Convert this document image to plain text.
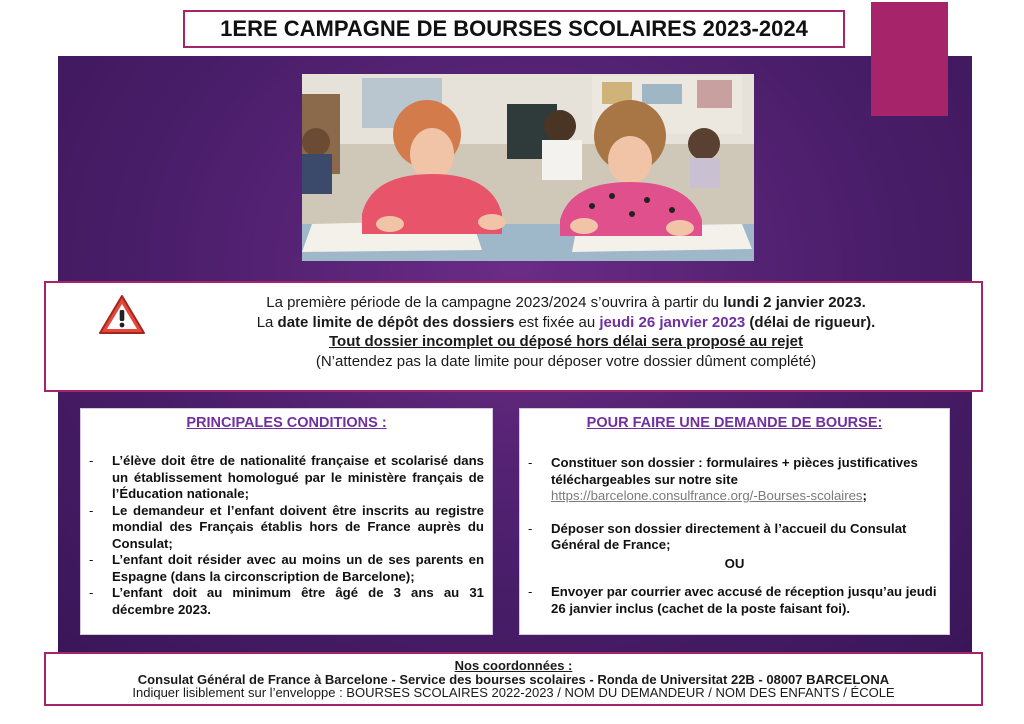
1ERE CAMPAGNE DE BOURSES SCOLAIRES 2023-2024
La première période de la campagne 2023/2024 s’ouvrira à partir du lundi 2 janvier 2023.
La date limite de dépôt des dossiers est fixée au jeudi 26 janvier 2023 (délai de rigueur).
Tout dossier incomplet ou déposé hors délai sera proposé au rejet
(N’attendez pas la date limite pour déposer votre dossier dûment complété)
PRINCIPALES CONDITIONS :
- L’élève doit être de nationalité française et scolarisé dans un établissement homologué par le ministère français de l’Éducation nationale;
- Le demandeur et l’enfant doivent être inscrits au registre mondial des Français établis hors de France auprès du Consulat;
- L’enfant doit résider avec au moins un de ses parents en Espagne (dans la circonscription de Barcelone);
- L’enfant doit au minimum être âgé de 3 ans au 31 décembre 2023.
POUR FAIRE UNE DEMANDE DE BOURSE:
- Constituer son dossier : formulaires + pièces justificatives téléchargeables sur notre site
https://barcelone.consulfrance.org/-Bourses-scolaires;
- Déposer son dossier directement à l’accueil du Consulat Général de France;
OU
- Envoyer par courrier avec accusé de réception jusqu’au jeudi 26 janvier inclus (cachet de la poste faisant foi).
Nos coordonnées :
Consulat Général de France à Barcelone - Service des bourses scolaires - Ronda de Universitat 22B - 08007 BARCELONA
Indiquer lisiblement sur l’enveloppe : BOURSES SCOLAIRES 2022-2023 / NOM DU DEMANDEUR / NOM DES ENFANTS / ÉCOLE
